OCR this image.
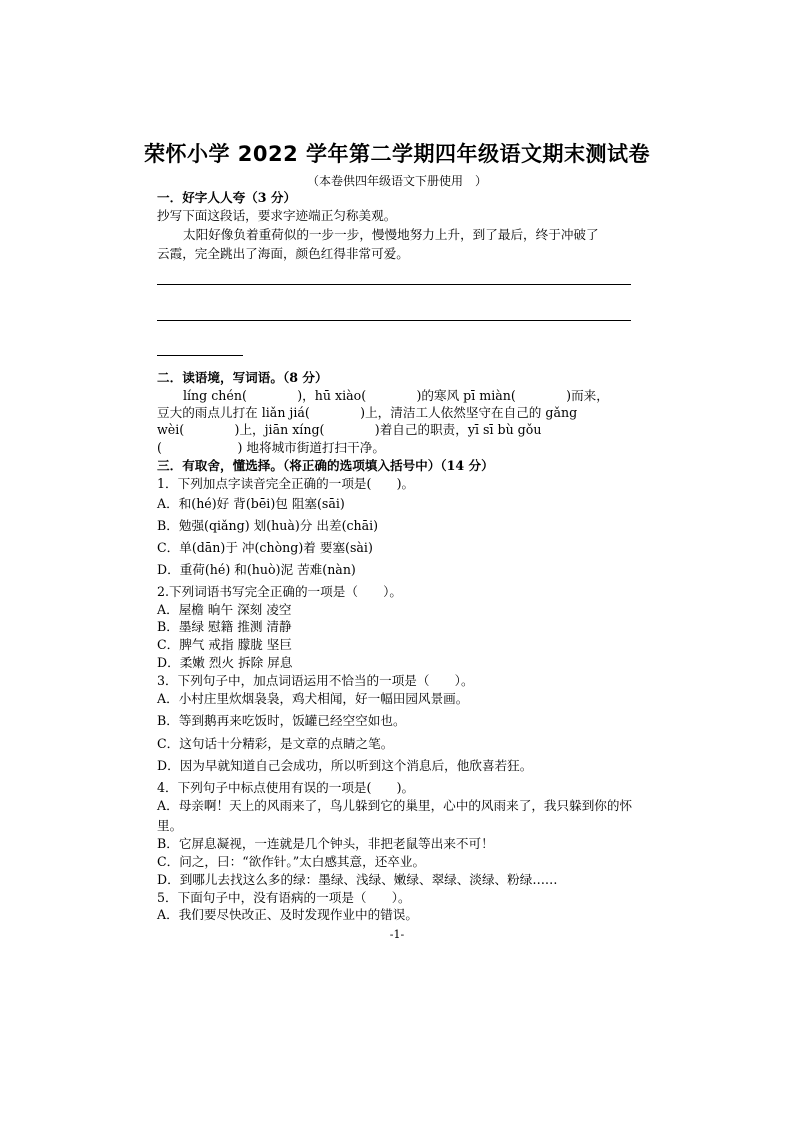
荣怀小学 2022 学年第二学期四年级语文期末测试卷
（本卷供四年级语文下册使用　）
一．好字人人夸（3 分）
抄写下面这段话，要求字迹端正匀称美观。
太阳好像负着重荷似的一步一步，慢慢地努力上升，到了最后，终于冲破了
云霞，完全跳出了海面，颜色红得非常可爱。
二．读语境，写词语。（8 分）
líng chén(　　　　)，hū xiào(　　　　)的寒风 pī miàn(　　　　)而来，
豆大的雨点儿打在 liǎn jiá(　　　　)上，清洁工人依然坚守在自己的 gǎng
wèi(　　　　)上，jiān xíng(　　　　)着自己的职责，yī sī bù gǒu
(　　　　　　) 地将城市街道打扫干净。
三．有取舍，懂选择。（将正确的选项填入括号中）（14 分）
1．下列加点字读音完全正确的一项是(　　)。
A．和(hé)好 背(bēi)包 阻塞(sāi)
B．勉强(qiǎng) 划(huà)分 出差(chāi)
C．单(dān)于 冲(chòng)着 要塞(sài)
D．重荷(hé) 和(huò)泥 苦难(nàn)
2.下列词语书写完全正确的一项是（　　）。
A．屋檐 晌午 深刻 凌空
B．墨绿 慰籍 推测 清静
C．脾气 戒指 朦胧 坚巨
D．柔嫩 烈火 拆除 屏息
3．下列句子中，加点词语运用不恰当的一项是（　　）。
A．小村庄里炊烟袅袅，鸡犬相闻，好一幅田园风景画。
B．等到鹅再来吃饭时，饭罐已经空空如也。
C．这句话十分精彩，是文章的点睛之笔。
D．因为早就知道自己会成功，所以听到这个消息后，他欣喜若狂。
4．下列句子中标点使用有误的一项是(　　)。
A．母亲啊！天上的风雨来了，鸟儿躲到它的巢里，心中的风雨来了，我只躲到你的怀里。
B．它屏息凝视，一连就是几个钟头，非把老鼠等出来不可！
C．问之，曰：“欲作针。”太白感其意，还卒业。
D．到哪儿去找这么多的绿：墨绿、浅绿、嫩绿、翠绿、淡绿、粉绿……
5．下面句子中，没有语病的一项是（　　）。
A．我们要尽快改正、及时发现作业中的错误。
-1-
